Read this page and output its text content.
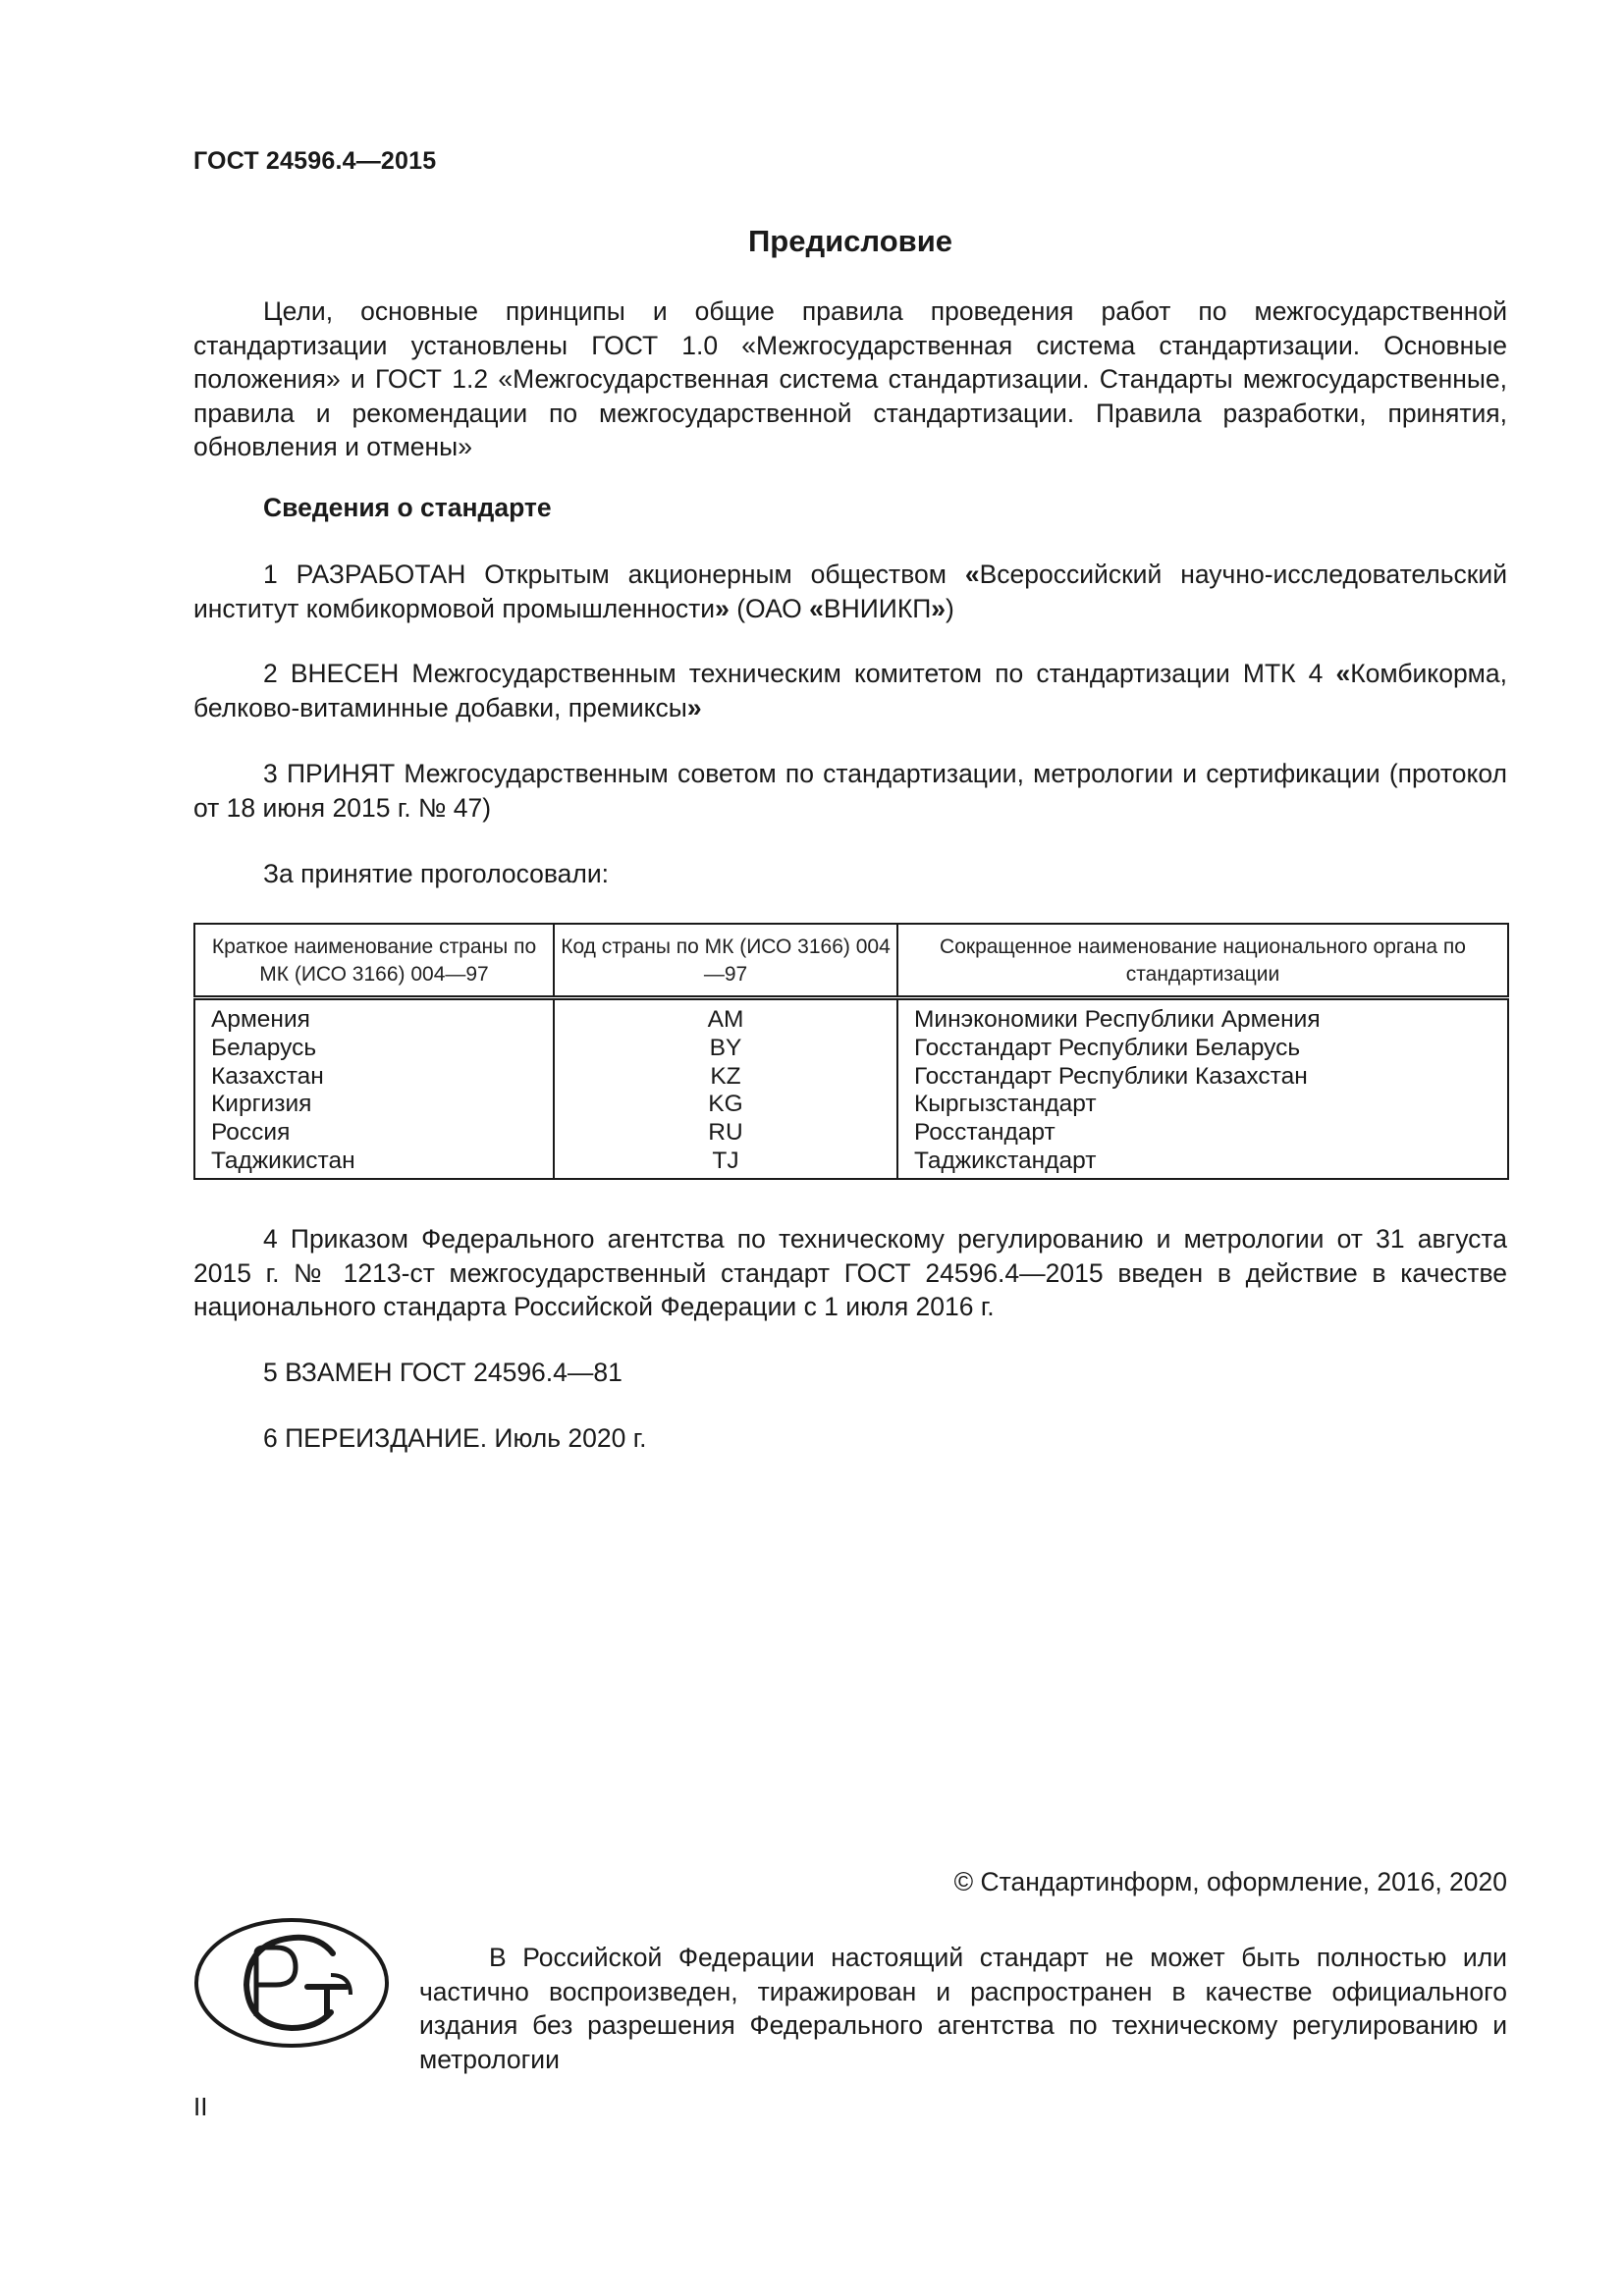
ГОСТ 24596.4—2015
Предисловие

Цели, основные принципы и общие правила проведения работ по межгосударственной стандартизации установлены ГОСТ 1.0 «Межгосударственная система стандартизации. Основные положения» и ГОСТ 1.2 «Межгосударственная система стандартизации. Стандарты межгосударственные, правила и рекомендации по межгосударственной стандартизации. Правила разработки, принятия, обновления и отмены»

Сведения о стандарте

1 РАЗРАБОТАН Открытым акционерным обществом «Всероссийский научно-исследовательский институт комбикормовой промышленности» (ОАО «ВНИИКП»)

2 ВНЕСЕН Межгосударственным техническим комитетом по стандартизации МТК 4 «Комбикорма, белково-витаминные добавки, премиксы»

3 ПРИНЯТ Межгосударственным советом по стандартизации, метрологии и сертификации (протокол от 18 июня 2015 г. № 47)

За принятие проголосовали:

Краткое наименование страны по МК (ИСО 3166) 004—97	Код страны по МК (ИСО 3166) 004—97	Сокращенное наименование национального органа по стандартизации
Армения	AM	Минэкономики Республики Армения
Беларусь	BY	Госстандарт Республики Беларусь
Казахстан	KZ	Госстандарт Республики Казахстан
Киргизия	KG	Кыргызстандарт
Россия	RU	Росстандарт
Таджикистан	TJ	Таджикстандарт

4 Приказом Федерального агентства по техническому регулированию и метрологии от 31 августа 2015 г. № 1213-ст межгосударственный стандарт ГОСТ 24596.4—2015 введен в действие в качестве национального стандарта Российской Федерации с 1 июля 2016 г.

5 ВЗАМЕН ГОСТ 24596.4—81

6 ПЕРЕИЗДАНИЕ. Июль 2020 г.

© Стандартинформ, оформление, 2016, 2020

В Российской Федерации настоящий стандарт не может быть полностью или частично воспроизведен, тиражирован и распространен в качестве официального издания без разрешения Федерального агентства по техническому регулированию и метрологии

II
